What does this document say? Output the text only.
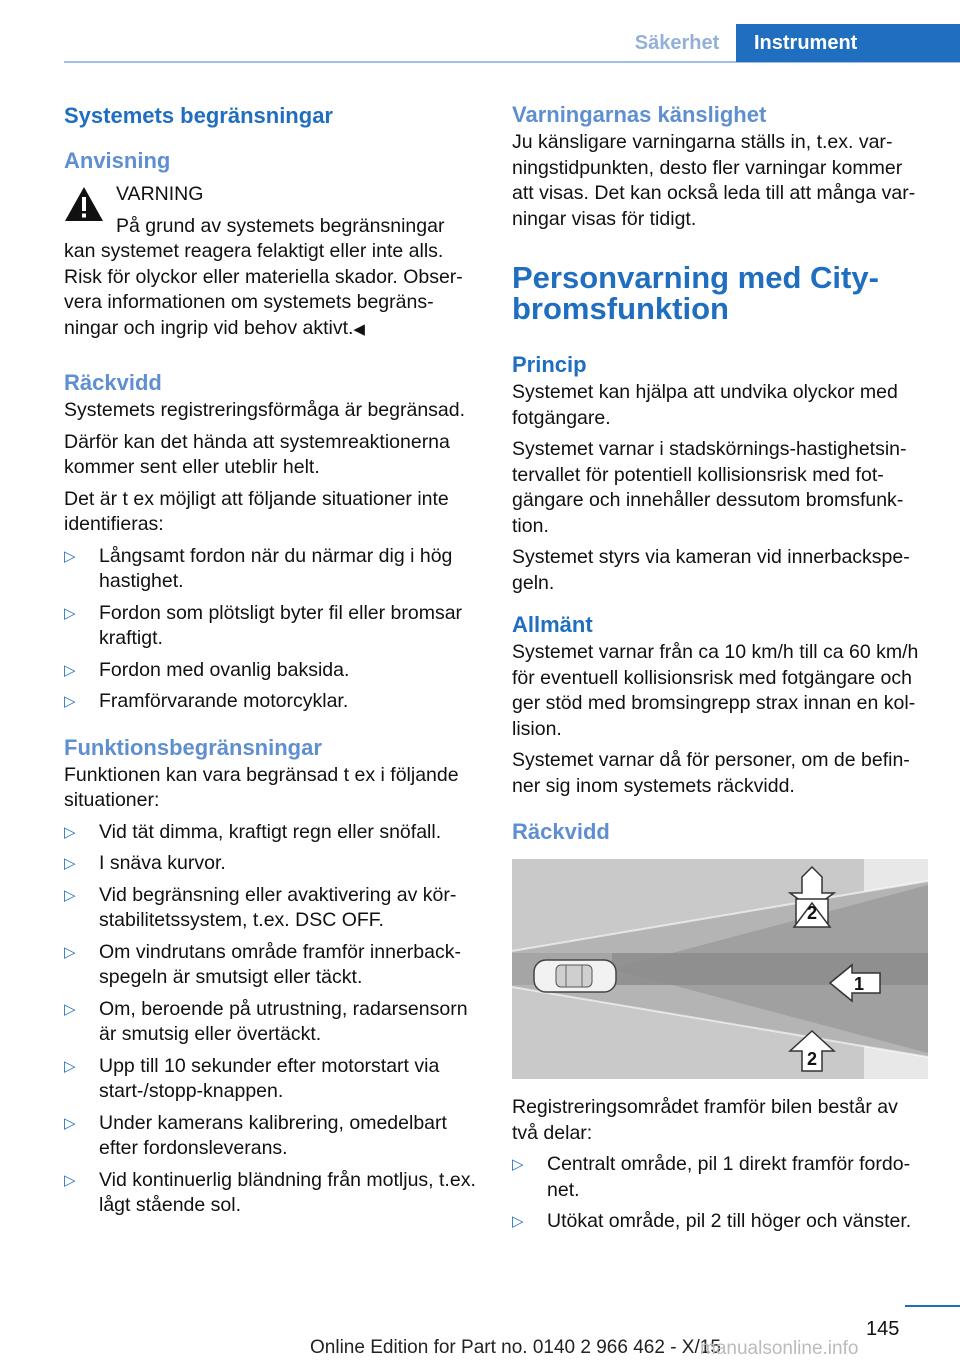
Säkerhet	Instrument
Systemets begränsningar
Anvisning
VARNING
På grund av systemets begränsningar
kan systemet reagera felaktigt eller inte alls. Risk för olyckor eller materiella skador. Observera informationen om systemets begränsningar och ingrip vid behov aktivt.◀
Räckvidd
Systemets registreringsförmåga är begränsad.
Därför kan det hända att systemreaktionerna kommer sent eller uteblir helt.
Det är t ex möjligt att följande situationer inte identifieras:
▷ Långsamt fordon när du närmar dig i hög hastighet.
▷ Fordon som plötsligt byter fil eller bromsar kraftigt.
▷ Fordon med ovanlig baksida.
▷ Framförvarande motorcyklar.
Funktionsbegränsningar
Funktionen kan vara begränsad t ex i följande situationer:
▷ Vid tät dimma, kraftigt regn eller snöfall.
▷ I snäva kurvor.
▷ Vid begränsning eller avaktivering av körstabilitetssystem, t.ex. DSC OFF.
▷ Om vindrutans område framför innerbackspegeln är smutsigt eller täckt.
▷ Om, beroende på utrustning, radarsensorn är smutsig eller övertäckt.
▷ Upp till 10 sekunder efter motorstart via start-/stopp-knappen.
▷ Under kamerans kalibrering, omedelbart efter fordonsleverans.
▷ Vid kontinuerlig bländning från motljus, t.ex. lågt stående sol.
Varningarnas känslighet
Ju känsligare varningarna ställs in, t.ex. varningstidpunkten, desto fler varningar kommer att visas. Det kan också leda till att många varningar visas för tidigt.
Personvarning med City-bromsfunktion
Princip
Systemet kan hjälpa att undvika olyckor med fotgängare.
Systemet varnar i stadskörnings-hastighetsintervallet för potentiell kollisionsrisk med fotgängare och innehåller dessutom bromsfunktion.
Systemet styrs via kameran vid innerbackspegeln.
Allmänt
Systemet varnar från ca 10 km/h till ca 60 km/h för eventuell kollisionsrisk med fotgängare och ger stöd med bromsingrepp strax innan en kollision.
Systemet varnar då för personer, om de befinner sig inom systemets räckvidd.
Räckvidd
2
1
2
Registreringsområdet framför bilen består av två delar:
▷ Centralt område, pil 1 direkt framför fordonet.
▷ Utökat område, pil 2 till höger och vänster.
145
Online Edition for Part no. 0140 2 966 462 - X/15
manualsonline.info
